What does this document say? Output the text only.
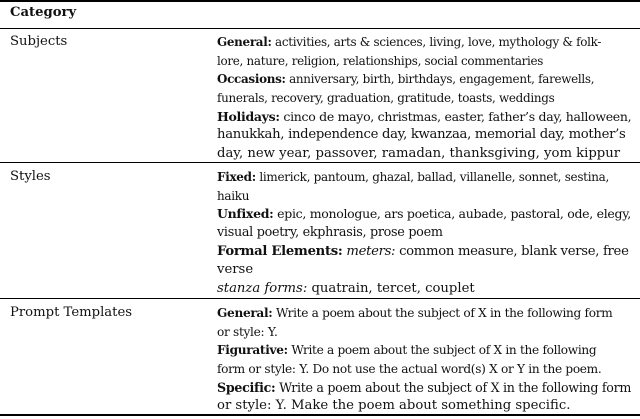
Category
Subjects	General: activities, arts & sciences, living, love, mythology & folk-
lore, nature, religion, relationships, social commentaries
Occasions: anniversary, birth, birthdays, engagement, farewells,
funerals, recovery, graduation, gratitude, toasts, weddings
Holidays: cinco de mayo, christmas, easter, father’s day, halloween,
hanukkah, independence day, kwanzaa, memorial day, mother’s
day, new year, passover, ramadan, thanksgiving, yom kippur
Styles	Fixed: limerick, pantoum, ghazal, ballad, villanelle, sonnet, sestina,
haiku
Unfixed: epic, monologue, ars poetica, aubade, pastoral, ode, elegy,
visual poetry, ekphrasis, prose poem
Formal Elements: meters: common measure, blank verse, free
verse
stanza forms: quatrain, tercet, couplet
Prompt Templates	General: Write a poem about the subject of X in the following form
or style: Y.
Figurative: Write a poem about the subject of X in the following
form or style: Y. Do not use the actual word(s) X or Y in the poem.
Specific: Write a poem about the subject of X in the following form
or style: Y. Make the poem about something specific.
